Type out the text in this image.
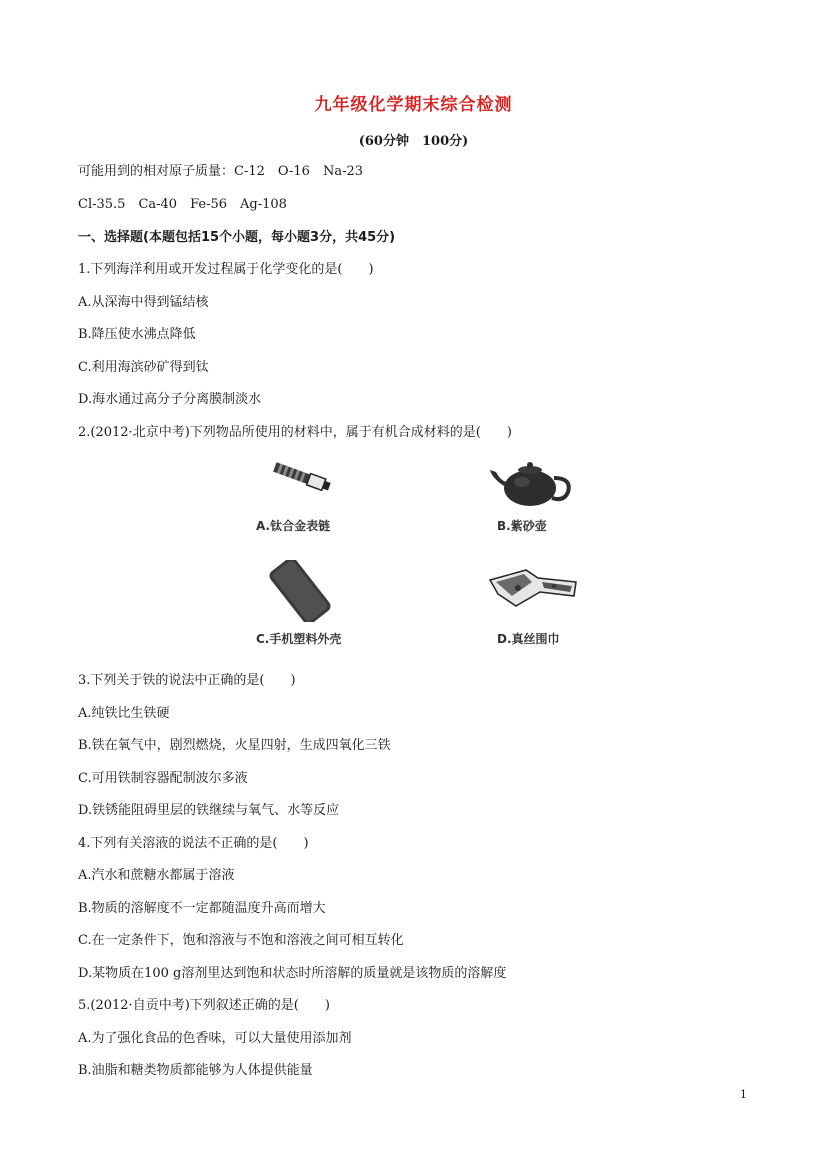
九年级化学期末综合检测
(60分钟　100分)
可能用到的相对原子质量：C-12　O-16　Na-23
Cl-35.5　Ca-40　Fe-56　Ag-108
一、选择题(本题包括15个小题，每小题3分，共45分)
1.下列海洋利用或开发过程属于化学变化的是(　　)
A.从深海中得到锰结核
B.降压使水沸点降低
C.利用海滨砂矿得到钛
D.海水通过高分子分离膜制淡水
2.(2012·北京中考)下列物品所使用的材料中，属于有机合成材料的是(　　)
A.钛合金表链	B.紫砂壶
C.手机塑料外壳	D.真丝围巾
3.下列关于铁的说法中正确的是(　　)
A.纯铁比生铁硬
B.铁在氧气中，剧烈燃烧，火星四射，生成四氧化三铁
C.可用铁制容器配制波尔多液
D.铁锈能阻碍里层的铁继续与氧气、水等反应
4.下列有关溶液的说法不正确的是(　　)
A.汽水和蔗糖水都属于溶液
B.物质的溶解度不一定都随温度升高而增大
C.在一定条件下，饱和溶液与不饱和溶液之间可相互转化
D.某物质在100 g溶剂里达到饱和状态时所溶解的质量就是该物质的溶解度
5.(2012·自贡中考)下列叙述正确的是(　　)
A.为了强化食品的色香味，可以大量使用添加剂
B.油脂和糖类物质都能够为人体提供能量
1
